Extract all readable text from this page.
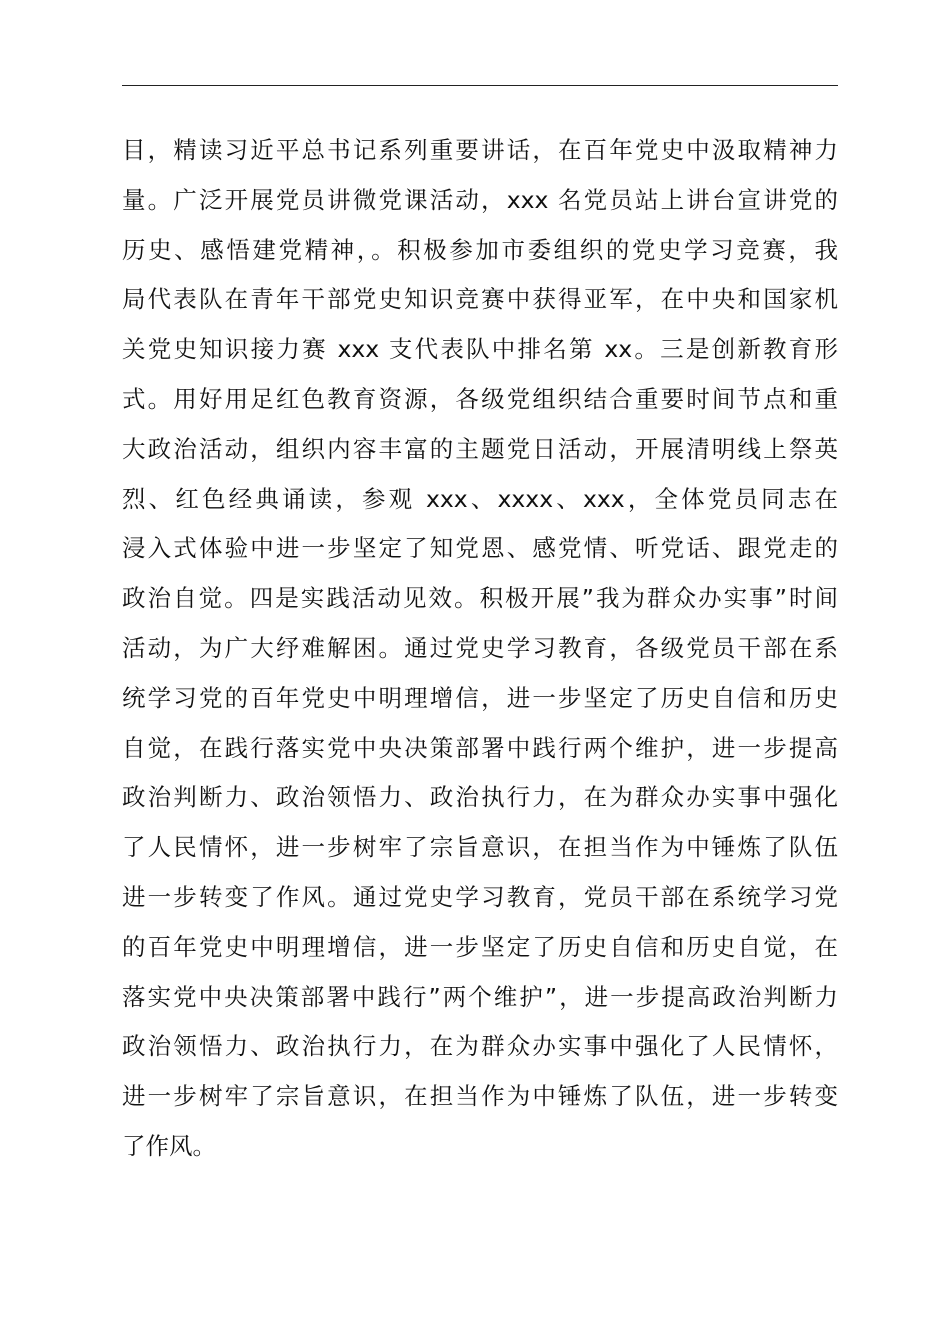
目，精读习近平总书记系列重要讲话，在百年党史中汲取精神力
量。广泛开展党员讲微党课活动，xxx 名党员站上讲台宣讲党的
历史、感悟建党精神，。积极参加市委组织的党史学习竞赛，我
局代表队在青年干部党史知识竞赛中获得亚军，在中央和国家机
关党史知识接力赛 xxx 支代表队中排名第 xx。三是创新教育形
式。用好用足红色教育资源，各级党组织结合重要时间节点和重
大政治活动，组织内容丰富的主题党日活动，开展清明线上祭英
烈、红色经典诵读，参观 xxx、xxxx、xxx，全体党员同志在
浸入式体验中进一步坚定了知党恩、感党情、听党话、跟党走的
政治自觉。四是实践活动见效。积极开展”我为群众办实事”时间
活动，为广大纾难解困。通过党史学习教育，各级党员干部在系
统学习党的百年党史中明理增信，进一步坚定了历史自信和历史
自觉，在践行落实党中央决策部署中践行两个维护，进一步提高
政治判断力、政治领悟力、政治执行力，在为群众办实事中强化
了人民情怀，进一步树牢了宗旨意识，在担当作为中锤炼了队伍
进一步转变了作风。通过党史学习教育，党员干部在系统学习党
的百年党史中明理增信，进一步坚定了历史自信和历史自觉，在
落实党中央决策部署中践行”两个维护”，进一步提高政治判断力
政治领悟力、政治执行力，在为群众办实事中强化了人民情怀，
进一步树牢了宗旨意识，在担当作为中锤炼了队伍，进一步转变
了作风。
